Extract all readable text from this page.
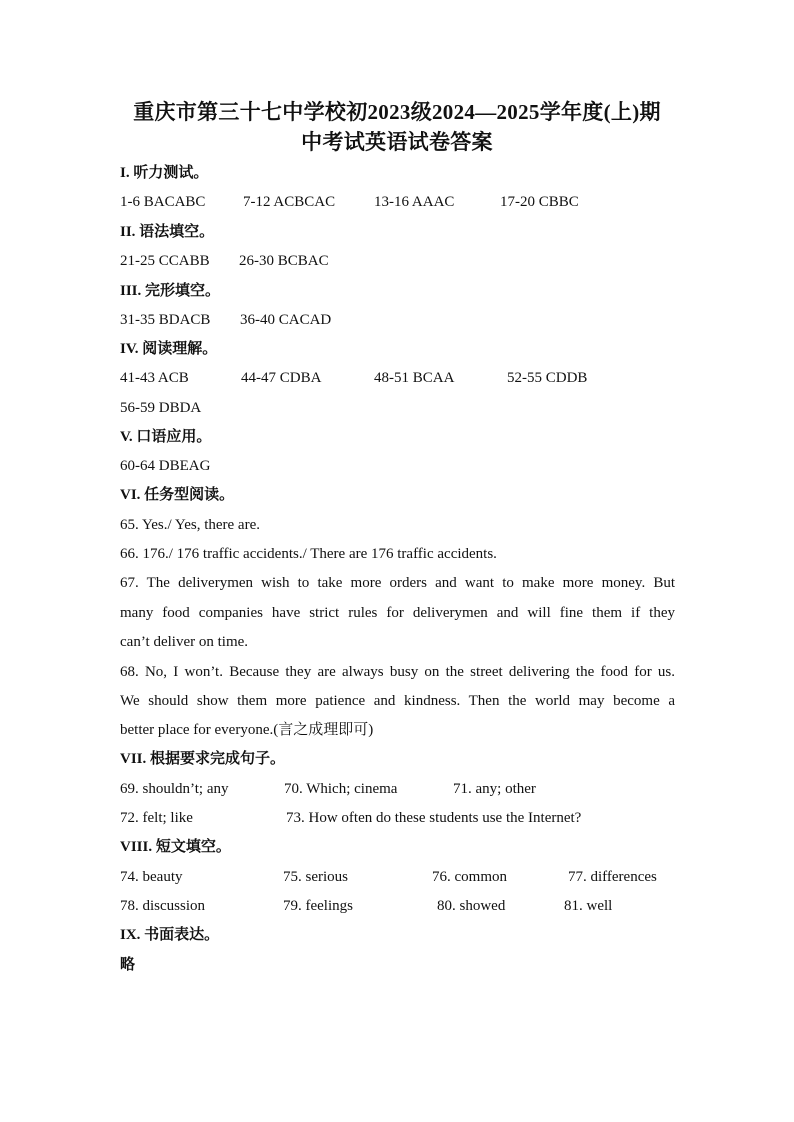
重庆市第三十七中学校初2023级2024—2025学年度(上)期
中考试英语试卷答案
I. 听力测试。
1-6 BACABC	7-12 ACBCAC	13-16 AAAC	17-20 CBBC
II. 语法填空。
21-25 CCABB 26-30 BCBAC
III. 完形填空。
31-35 BDACB 36-40 CACAD
IV. 阅读理解。
41-43 ACB	44-47 CDBA	48-51 BCAA	52-55 CDDB
56-59 DBDA
V. 口语应用。
60-64 DBEAG
VI. 任务型阅读。
65. Yes./ Yes, there are.
66. 176./ 176 traffic accidents./ There are 176 traffic accidents.
67. The deliverymen wish to take more orders and want to make more money. But
many food companies have strict rules for deliverymen and will fine them if they
can’t deliver on time.
68. No, I won’t. Because they are always busy on the street delivering the food for us.
We should show them more patience and kindness. Then the world may become a
better place for everyone.(言之成理即可)
VII. 根据要求完成句子。
69. shouldn’t; any	70. Which; cinema	71. any; other
72. felt; like	73. How often do these students use the Internet?
VIII. 短文填空。
74. beauty	75. serious	76. common	77. differences
78. discussion	79. feelings	80. showed	81. well
IX. 书面表达。
略
